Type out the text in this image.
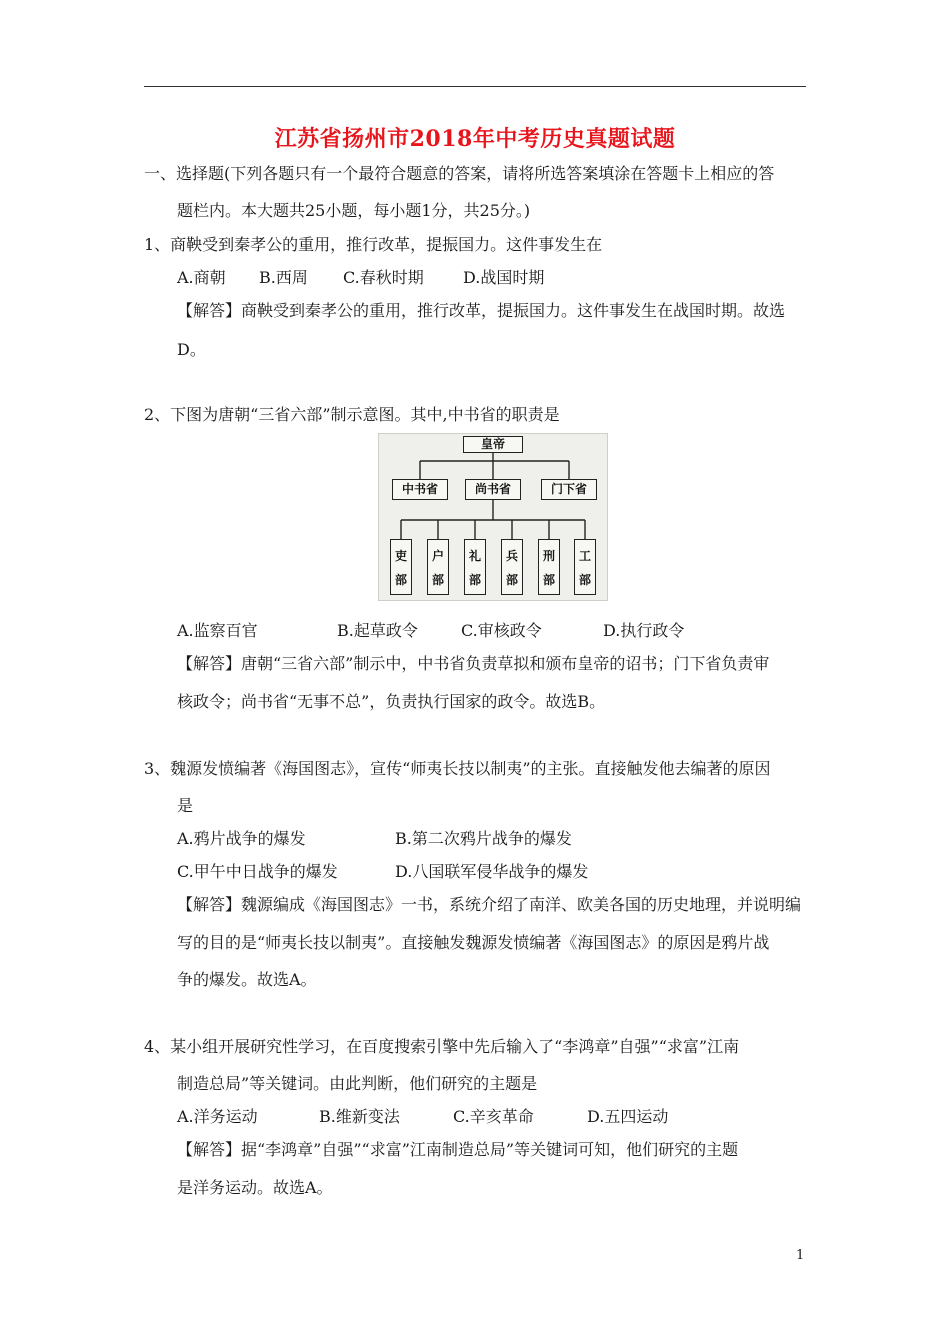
江苏省扬州市2018年中考历史真题试题
一、选择题(下列各题只有一个最符合题意的答案，请将所选答案填涂在答题卡上相应的答
题栏内。本大题共25小题，每小题1分，共25分。)
1、商鞅受到秦孝公的重用，推行改革，提振国力。这件事发生在
A.商朝 B.西周 C.春秋时期 D.战国时期
【解答】商鞅受到秦孝公的重用，推行改革，提振国力。这件事发生在战国时期。故选
D。
2、下图为唐朝“三省六部”制示意图。其中,中书省的职责是
皇帝
中书省	尚书省	门下省
吏
部
户
部
礼
部
兵
部
刑
部
工
部
A.监察百官	B.起草政令	C.审核政令	D.执行政令
【解答】唐朝“三省六部”制示中，中书省负责草拟和颁布皇帝的诏书；门下省负责审
核政令；尚书省“无事不总”，负责执行国家的政令。故选B。
3、魏源发愤编著《海国图志》，宣传“师夷长技以制夷”的主张。直接触发他去编著的原因
是
A.鸦片战争的爆发	B.第二次鸦片战争的爆发
C.甲午中日战争的爆发	D.八国联军侵华战争的爆发
【解答】魏源编成《海国图志》一书，系统介绍了南洋、欧美各国的历史地理，并说明编
写的目的是“师夷长技以制夷”。直接触发魏源发愤编著《海国图志》的原因是鸦片战
争的爆发。故选A。
4、某小组开展研究性学习，在百度搜索引擎中先后输入了“李鸿章”自强”“求富”江南
制造总局”等关键词。由此判断，他们研究的主题是
A.洋务运动	B.维新变法	C.辛亥革命	D.五四运动
【解答】据“李鸿章”自强”“求富”江南制造总局”等关键词可知，他们研究的主题
是洋务运动。故选A。
1
